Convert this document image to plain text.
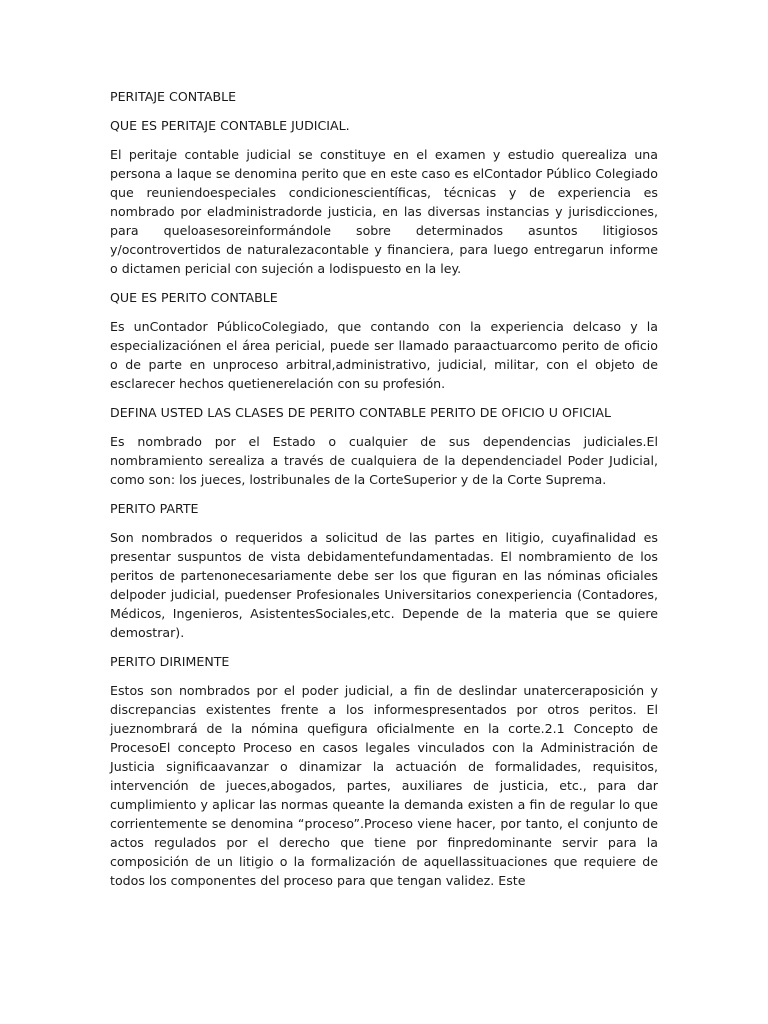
PERITAJE CONTABLE

QUE ES PERITAJE CONTABLE JUDICIAL.

El peritaje contable judicial se constituye en el examen y estudio querealiza una persona a laque se denomina perito que en este caso es elContador Público Colegiado que reuniendoespeciales condicionescientíficas, técnicas y de experiencia es nombrado por eladministradorde justicia, en las diversas instancias y jurisdicciones, para queloasesoreinformándole sobre determinados asuntos litigiosos y/ocontrovertidos de naturalezacontable y financiera, para luego entregarun informe o dictamen pericial con sujeción a lodispuesto en la ley.

QUE ES PERITO CONTABLE

Es unContador PúblicoColegiado, que contando con la experiencia delcaso y la especializaciónen el área pericial, puede ser llamado paraactuarcomo perito de oficio o de parte en unproceso arbitral,administrativo, judicial, militar, con el objeto de esclarecer hechos quetienerelación con su profesión.

DEFINA USTED LAS CLASES DE PERITO CONTABLE PERITO DE OFICIO U OFICIAL

Es nombrado por el Estado o cualquier de sus dependencias judiciales.El nombramiento serealiza a través de cualquiera de la dependenciadel Poder Judicial, como son: los jueces, lostribunales de la CorteSuperior y de la Corte Suprema.

PERITO PARTE

Son nombrados o requeridos a solicitud de las partes en litigio, cuyafinalidad es presentar suspuntos de vista debidamentefundamentadas. El nombramiento de los peritos de partenonecesariamente debe ser los que figuran en las nóminas oficiales delpoder judicial, puedenser Profesionales Universitarios conexperiencia (Contadores, Médicos, Ingenieros, AsistentesSociales,etc. Depende de la materia que se quiere demostrar).

PERITO DIRIMENTE

Estos son nombrados por el poder judicial, a fin de deslindar unaterceraposición y discrepancias existentes frente a los informespresentados por otros peritos. El jueznombrará de la nómina quefigura oficialmente en la corte.2.1 Concepto de ProcesoEl concepto Proceso en casos legales vinculados con la Administración de Justicia significaavanzar o dinamizar la actuación de formalidades, requisitos, intervención de jueces,abogados, partes, auxiliares de justicia, etc., para dar cumplimiento y aplicar las normas queante la demanda existen a fin de regular lo que corrientemente se denomina “proceso”.Proceso viene hacer, por tanto, el conjunto de actos regulados por el derecho que tiene por finpredominante servir para la composición de un litigio o la formalización de aquellassituaciones que requiere de todos los componentes del proceso para que tengan validez. Este
